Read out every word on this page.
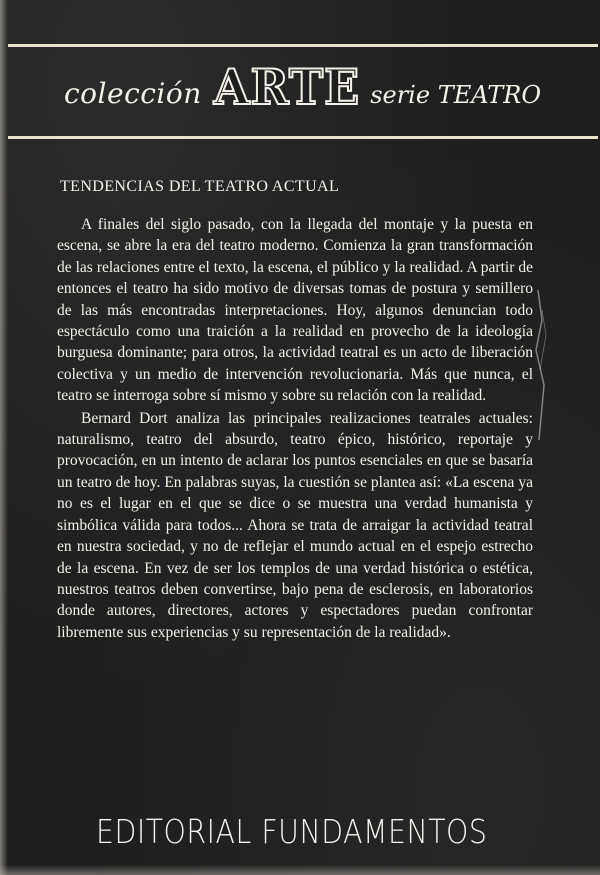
colección ARTE serie TEATRO
TENDENCIAS DEL TEATRO ACTUAL

A finales del siglo pasado, con la llegada del montaje y la puesta en escena, se abre la era del teatro moderno. Comienza la gran transformación de las relaciones entre el texto, la escena, el público y la realidad. A partir de entonces el teatro ha sido motivo de diversas tomas de postura y semillero de las más encontradas interpretaciones. Hoy, algunos denuncian todo espectáculo como una traición a la realidad en provecho de la ideología burguesa dominante; para otros, la actividad teatral es un acto de liberación colectiva y un medio de intervención revolucionaria. Más que nunca, el teatro se interroga sobre sí mismo y sobre su relación con la realidad.

Bernard Dort analiza las principales realizaciones teatrales actuales: naturalismo, teatro del absurdo, teatro épico, histórico, reportaje y provocación, en un intento de aclarar los puntos esenciales en que se basaría un teatro de hoy. En palabras suyas, la cuestión se plantea así: «La escena ya no es el lugar en el que se dice o se muestra una verdad humanista y simbólica válida para todos... Ahora se trata de arraigar la actividad teatral en nuestra sociedad, y no de reflejar el mundo actual en el espejo estrecho de la escena. En vez de ser los templos de una verdad histórica o estética, nuestros teatros deben convertirse, bajo pena de esclerosis, en laboratorios donde autores, directores, actores y espectadores puedan confrontar libremente sus experiencias y su representación de la realidad».

EDITORIAL FUNDAMENTOS
